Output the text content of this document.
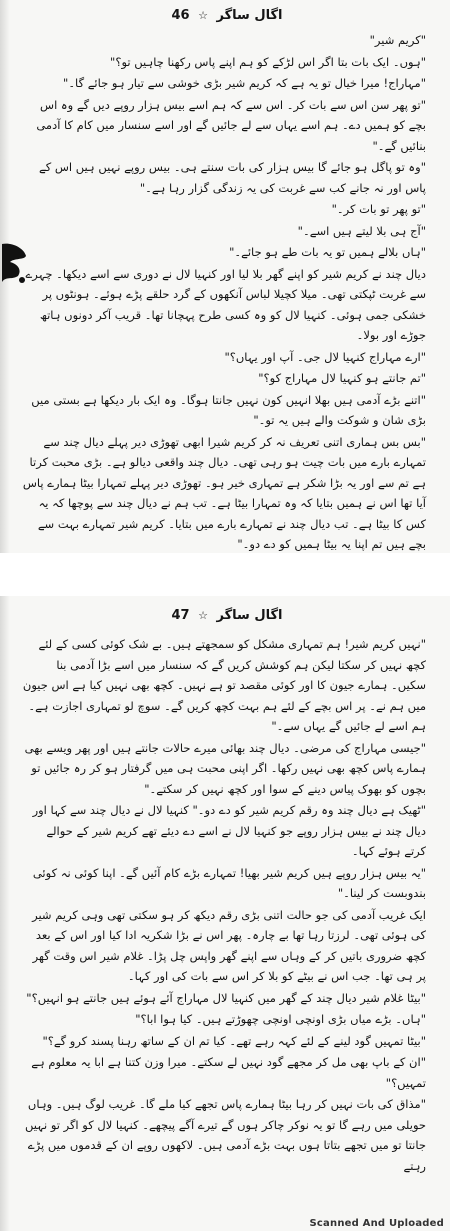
اگال ساگر ☆ 46

"کریم شیر"

"ہوں۔ ایک بات بتا اگر اس لڑکے کو ہم اپنے پاس رکھنا چاہیں تو؟"

"مہاراج! میرا خیال تو یہ ہے کہ کریم شیر بڑی خوشی سے تیار ہو جائے گا۔"

"تو پھر سن اس سے بات کر۔ اس سے کہ ہم اسے بیس ہزار روپے دیں گے وہ اس بچے کو ہمیں دے۔ ہم اسے یہاں سے لے جائیں گے اور اسے سنسار میں کام کا آدمی بنائیں گے۔"

"وہ تو پاگل ہو جائے گا بیس ہزار کی بات سنتے ہی۔ بیس روپے نہیں ہیں اس کے پاس اور نہ جانے کب سے غربت کی یہ زندگی گزار رہا ہے۔"

"تو پھر تو بات کر۔"

"آج ہی بلا لیتے ہیں اسے۔"

"ہاں بلالے ہمیں تو یہ بات طے ہو جائے۔"

دیال چند نے کریم شیر کو اپنے گھر بلا لیا اور کنہیا لال نے دوری سے اسے دیکھا۔ چہرے سے غربت ٹپکتی تھی۔ میلا کچیلا لباس آنکھوں کے گرد حلقے پڑے ہوئے۔ ہونٹوں پر خشکی جمی ہوئی۔ کنہیا لال کو وہ کسی طرح پہچانا تھا۔ قریب آکر دونوں ہاتھ جوڑے اور بولا۔

"ارے مہاراج کنہیا لال جی۔ آپ اور یہاں؟"

"تم جانتے ہو کنہیا لال مہاراج کو؟"

"اتنے بڑے آدمی ہیں بھلا انہیں کون نہیں جانتا ہوگا۔ وہ ایک بار دیکھا ہے بستی میں بڑی شان و شوکت والے ہیں یہ تو۔"

"بس بس ہماری اتنی تعریف نہ کر کریم شیرا ابھی تھوڑی دیر پہلے دیال چند سے تمہارے بارے میں بات چیت ہو رہی تھی۔ دیال چند واقعی دیالو ہے۔ بڑی محبت کرتا ہے تم سے اور یہ بڑا شکر ہے تمہاری خیر ہو۔ تھوڑی دیر پہلے تمہارا بیٹا ہمارے پاس آیا تھا اس نے ہمیں بتایا کہ وہ تمہارا بیٹا ہے۔ تب ہم نے دیال چند سے پوچھا کہ یہ کس کا بیٹا ہے۔ تب دیال چند نے تمہارے بارے میں بتایا۔ کریم شیر تمہارے بہت سے بچے ہیں تم اپنا یہ بیٹا ہمیں کو دے دو۔"

اگال ساگر ☆ 47

"نہیں کریم شیر! ہم تمہاری مشکل کو سمجھتے ہیں۔ بے شک کوئی کسی کے لئے کچھ نہیں کر سکتا لیکن ہم کوشش کریں گے کہ سنسار میں اسے بڑا آدمی بنا سکیں۔ ہمارے جیون کا اور کوئی مقصد تو ہے نہیں۔ کچھ بھی نہیں کیا ہے اس جیون میں ہم نے۔ پر اس بچے کے لئے ہم بہت کچھ کریں گے۔ سوچ لو تمہاری اجازت ہے۔ ہم اسے لے جائیں گے یہاں سے۔"

"جیسی مہاراج کی مرضی۔ دیال چند بھائی میرے حالات جانتے ہیں اور پھر ویسے بھی ہمارے پاس کچھ بھی نہیں رکھا۔ اگر اپنی محبت ہی میں گرفتار ہو کر رہ جائیں تو بچوں کو بھوک پیاس دینے کے سوا اور کچھ نہیں کر سکتے۔"

"ٹھیک ہے دیال چند وہ رقم کریم شیر کو دے دو۔" کنہیا لال نے دیال چند سے کہا اور دیال چند نے بیس ہزار روپے جو کنہیا لال نے اسے دے دیئے تھے کریم شیر کے حوالے کرتے ہوئے کہا۔

"یہ بیس ہزار روپے ہیں کریم شیر بھیا! تمہارے بڑے کام آئیں گے۔ اپنا کوئی نہ کوئی بندوبست کر لینا۔"

ایک غریب آدمی کی جو حالت اتنی بڑی رقم دیکھ کر ہو سکتی تھی وہی کریم شیر کی ہوئی تھی۔ لرزتا رہا تھا بے چارہ۔ پھر اس نے بڑا شکریہ ادا کیا اور اس کے بعد کچھ ضروری باتیں کر کے وہاں سے اپنے گھر واپس چل پڑا۔ غلام شیر اس وقت گھر پر ہی تھا۔ جب اس نے بیٹے کو بلا کر اس سے بات کی اور کہا۔

"بیٹا غلام شیر دیال چند کے گھر میں کنہیا لال مہاراج آئے ہوئے ہیں جانتے ہو انہیں؟"

"ہاں۔ بڑے میاں بڑی اونچی اونچی چھوڑتے ہیں۔ کیا ہوا ابا؟"

"بیٹا تمہیں گود لینے کے لئے کہہ رہے تھے۔ کیا تم ان کے ساتھ رہنا پسند کرو گے؟"

"ان کے باپ بھی مل کر مجھے گود نہیں لے سکتے۔ میرا وزن کتنا ہے ابا یہ معلوم ہے تمہیں؟"

"مذاق کی بات نہیں کر رہا بیٹا ہمارے پاس تجھے کیا ملے گا۔ غریب لوگ ہیں۔ وہاں حویلی میں رہے گا تو یہ نوکر چاکر ہوں گے تیرے آگے پیچھے۔ کنہیا لال کو اگر تو نہیں جانتا تو میں تجھے بتاتا ہوں بہت بڑے آدمی ہیں۔ لاکھوں روپے ان کے قدموں میں پڑے رہتے

Scanned And Uploaded
